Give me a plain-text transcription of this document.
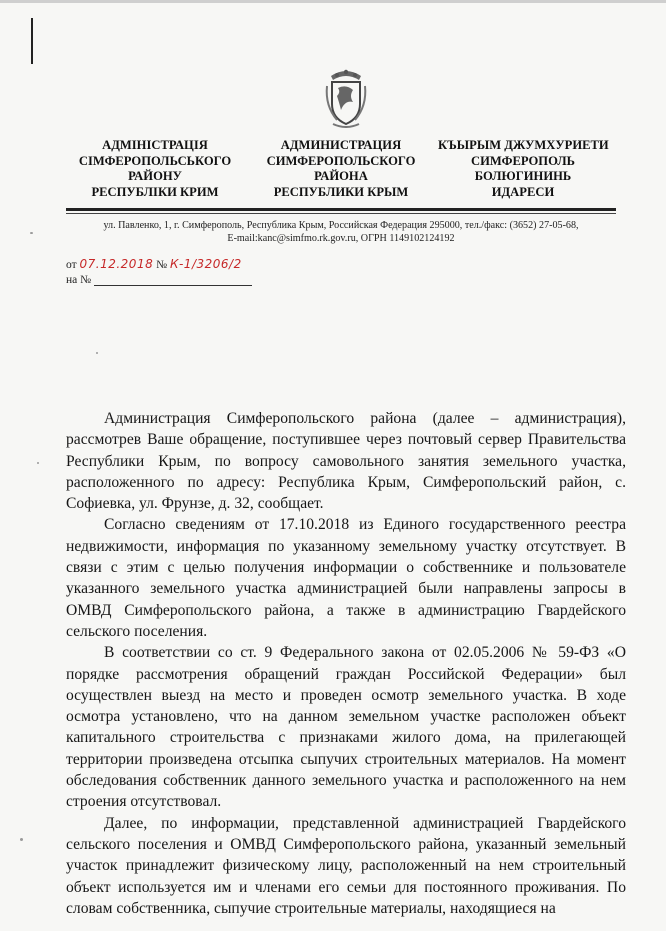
АДМІНІСТРАЦІЯ
СІМФЕРОПОЛЬСЬКОГО
РАЙОНУ
РЕСПУБЛІКИ КРИМ
АДМИНИСТРАЦИЯ
СИМФЕРОПОЛЬСКОГО
РАЙОНА
РЕСПУБЛИКИ КРЫМ
КЪЫРЫМ ДЖУМХУРИЕТИ
СИМФЕРОПОЛЬ
БОЛЮГИНИНЬ
ИДАРЕСИ
ул. Павленко, 1, г. Симферополь, Республика Крым, Российская Федерация 295000, тел./факс: (3652) 27-05-68,
E-mail:kanc@simfmo.rk.gov.ru, ОГРН 1149102124192
от 07.12.2018 № К-1/3206/2
на №

Администрация Симферопольского района (далее – администрация), рассмотрев Ваше обращение, поступившее через почтовый сервер Правительства Республики Крым, по вопросу самовольного занятия земельного участка, расположенного по адресу: Республика Крым, Симферопольский район, с. Софиевка, ул. Фрунзе, д. 32, сообщает.

Согласно сведениям от 17.10.2018 из Единого государственного реестра недвижимости, информация по указанному земельному участку отсутствует. В связи с этим с целью получения информации о собственнике и пользователе указанного земельного участка администрацией были направлены запросы в ОМВД Симферопольского района, а также в администрацию Гвардейского сельского поселения.

В соответствии со ст. 9 Федерального закона от 02.05.2006 № 59-ФЗ «О порядке рассмотрения обращений граждан Российской Федерации» был осуществлен выезд на место и проведен осмотр земельного участка. В ходе осмотра установлено, что на данном земельном участке расположен объект капитального строительства с признаками жилого дома, на прилегающей территории произведена отсыпка сыпучих строительных материалов. На момент обследования собственник данного земельного участка и расположенного на нем строения отсутствовал.

Далее, по информации, представленной администрацией Гвардейского сельского поселения и ОМВД Симферопольского района, указанный земельный участок принадлежит физическому лицу, расположенный на нем строительный объект используется им и членами его семьи для постоянного проживания. По словам собственника, сыпучие строительные материалы, находящиеся на
